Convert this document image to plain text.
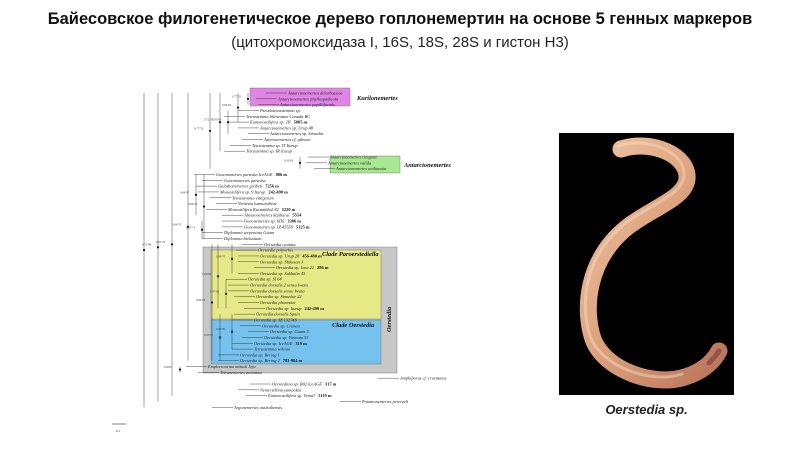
Байесовское филогенетическое дерево гоплонемертин на основе 5 генных маркеров
(цитохромоксидаза I, 16S, 18S, 28S и гистон H3)
Antarctonemertes delarbassiae
Antarctonemertes phyllospadicola
Antarctonemertes papilliformis
Pseudotetrastemma sp.
Tetrastemma bilineatum Canada BC
Eumonostilifera sp. 2II 5005 m
Antarctonemertes sp. Urup 48
Antarctonemertes sp. Simushir
Asteronemertes cf. gibsoni
Tetrastemma sp. IT Iturup
Tetrastemma sp. IR Iturup
Antarctonemertes riesgoae
Antarctonemertes valida
Antarctonemertes unilineata
Gonomonertes parasita IceAGE 886 m
Gonomonertes parasita
Galathonemertes giribeti 7256 m
Monostilifera sp. 9 Iturup 242-490 m
Tetrastemma vittigerum
Vieitezia luzmurubeae
Monostilifera KurambIo2 82 5220 m
Abyssonemertes kajiharai 5514
Gononemertes sp. 6DS 3306 m
Gonomonertes sp. IZ 45559 5125 m
Diplomma serpentina Guam
Diplomma bivittatum
Oerstedia ocuiata
Oerstedia polyorbis
Oerstedia sp. Urup 28 456-480 m
Oerstedia sp. Shikotan 3
Oerstedia sp. Iona 22 286 m
Oerstedia sp. Sakhalin 45
Oerstedia sp. SI 64
Oerstedia dorsalis 2 sensu Iwata
Oerstedia dorsalis sensu Iwata
Oerstedia sp. Simushir 22
Oerstedia phoresiae
Oerstedia sp. Iturup 242-490 m
Oerstedia dorsalis Spain
Oerstedia sp. IZ 13274S
Oerstedia sp. Crimea
Oerstedia sp. Guam 3
Oerstedia sp. Vietnam 33
Oerstedia sp. IceAGE 319 m
Tetrastemma wilsoni
Oerstedia sp. Bering 1
Oerstedia sp. Bering 2 783-984 m
Emplectonema mitsuii Jeju
Tetranemertes antonina
Amphiporus cf. cruentatus
Oerstediina sp. B02 IceAGE 317 m
Nemertellina yamaokai
Eumonostilifera sp. Vema7 5119 m
Potamonemertes percivali
Argonemertes australiensis
0.77/55
0.86/92
0.93/97
0.72/55
0.77/76
0.93/63
0.86/55
0.69/97
0.97/73
0.99/70
0.97/66
0.99/98
0.98/99
0.95/67
0.89/98
0.64/70
0.9/62
0.91/70
0.71/88
Kurilonemertes
Antarctonemertes
Clade Paroerstediella
Clade Oerstedia Oerstedia
0.1
Oerstedia sp.
